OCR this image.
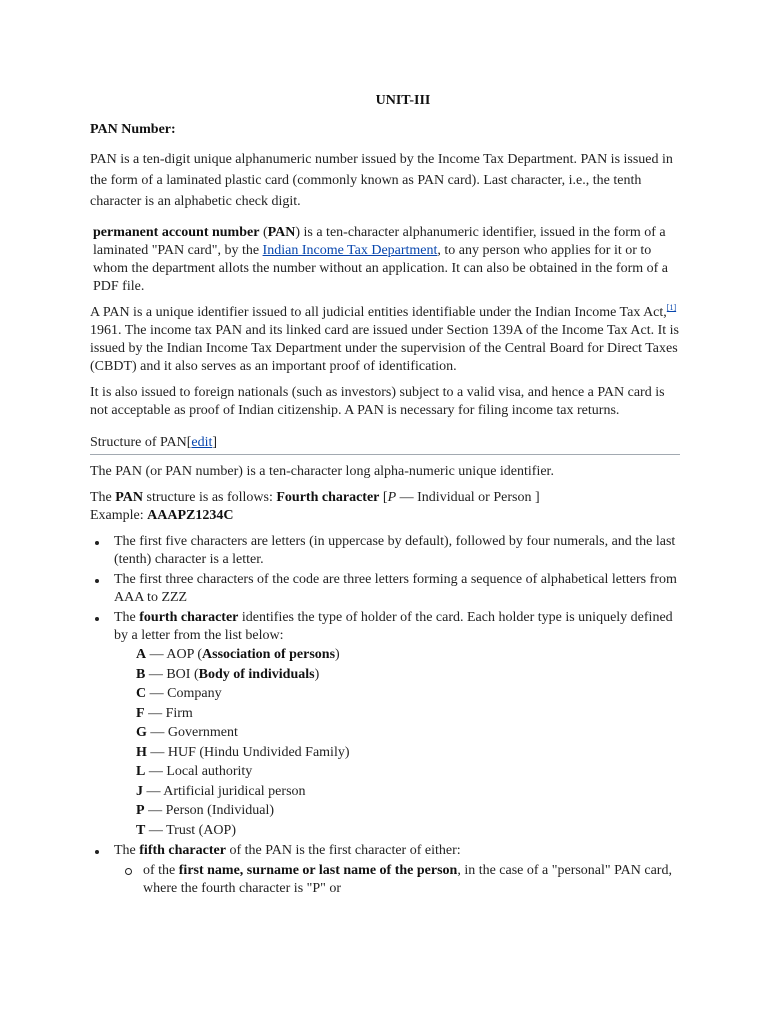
UNIT-III
PAN Number:

PAN is a ten-digit unique alphanumeric number issued by the Income Tax Department. PAN is issued in the form of a laminated plastic card (commonly known as PAN card). Last character, i.e., the tenth character is an alphabetic check digit.

permanent account number (PAN) is a ten-character alphanumeric identifier, issued in the form of a laminated "PAN card", by the Indian Income Tax Department, to any person who applies for it or to whom the department allots the number without an application. It can also be obtained in the form of a PDF file.

A PAN is a unique identifier issued to all judicial entities identifiable under the Indian Income Tax Act,[1] 1961. The income tax PAN and its linked card are issued under Section 139A of the Income Tax Act. It is issued by the Indian Income Tax Department under the supervision of the Central Board for Direct Taxes (CBDT) and it also serves as an important proof of identification.

It is also issued to foreign nationals (such as investors) subject to a valid visa, and hence a PAN card is not acceptable as proof of Indian citizenship. A PAN is necessary for filing income tax returns.

Structure of PAN[edit]

The PAN (or PAN number) is a ten-character long alpha-numeric unique identifier.

The PAN structure is as follows: Fourth character [P — Individual or Person ]
Example: AAAPZ1234C
The first five characters are letters (in uppercase by default), followed by four numerals, and the last (tenth) character is a letter.
The first three characters of the code are three letters forming a sequence of alphabetical letters from AAA to ZZZ
The fourth character identifies the type of holder of the card. Each holder type is uniquely defined by a letter from the list below:
A — AOP (Association of persons)
B — BOI (Body of individuals)
C — Company
F — Firm
G — Government
H — HUF (Hindu Undivided Family)
L — Local authority
J — Artificial juridical person
P — Person (Individual)
T — Trust (AOP)
The fifth character of the PAN is the first character of either:
of the first name, surname or last name of the person, in the case of a "personal" PAN card, where the fourth character is "P" or
